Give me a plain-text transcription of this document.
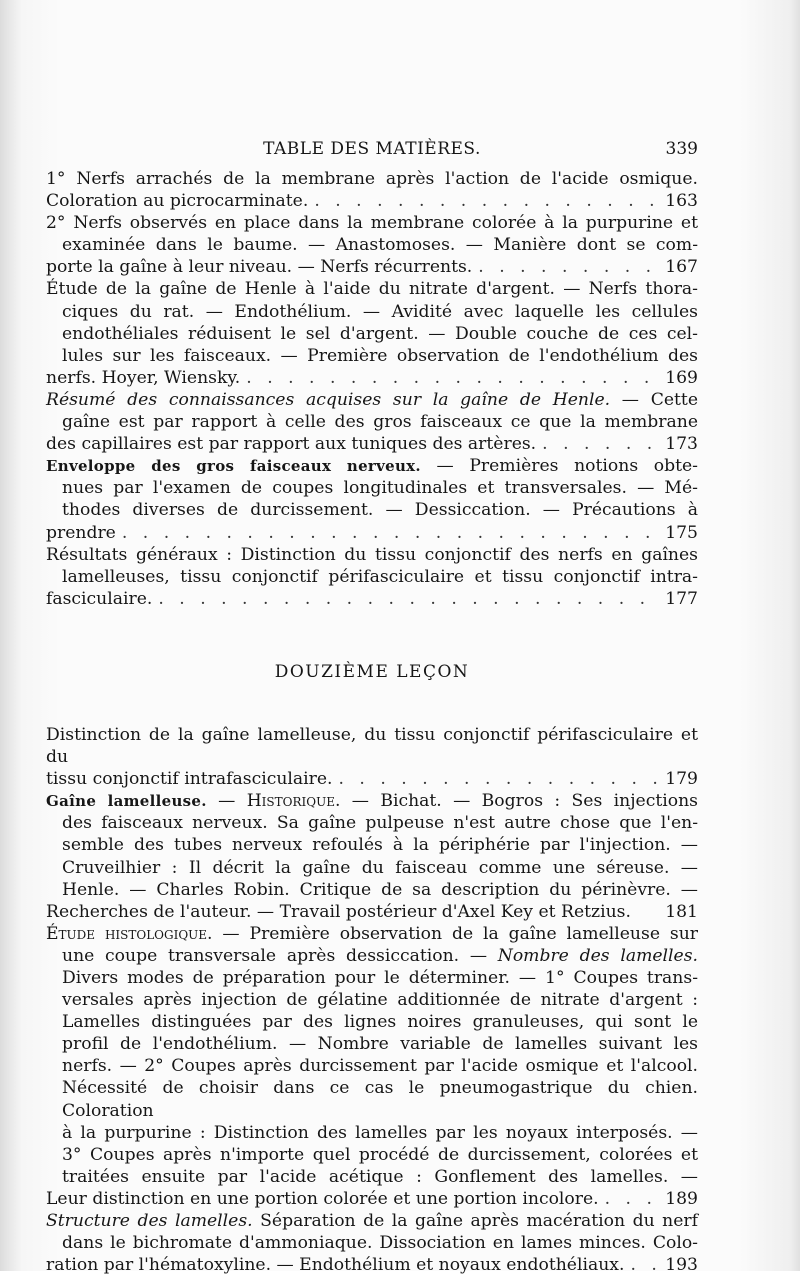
TABLE DES MATIÈRES.	339
1° Nerfs arrachés de la membrane après l'action de l'acide osmique.
Coloration au picrocarminate. . . .	163
2° Nerfs observés en place dans la membrane colorée à la purpurine et
examinée dans le baume. — Anastomoses. — Manière dont se com-
porte la gaîne à leur niveau. — Nerfs récurrents. . . .	167
Étude de la gaîne de Henle à l'aide du nitrate d'argent. — Nerfs thora-
ciques du rat. — Endothélium. — Avidité avec laquelle les cellules
endothéliales réduisent le sel d'argent. — Double couche de ces cel-
lules sur les faisceaux. — Première observation de l'endothélium des
nerfs. Hoyer, Wiensky. . . .	169
Résumé des connaissances acquises sur la gaîne de Henle. — Cette
gaîne est par rapport à celle des gros faisceaux ce que la membrane
des capillaires est par rapport aux tuniques des artères. . . .	173
Enveloppe des gros faisceaux nerveux. — Premières notions obte-
nues par l'examen de coupes longitudinales et transversales. — Mé-
thodes diverses de durcissement. — Dessiccation. — Précautions à
prendre . . .	175
Résultats généraux : Distinction du tissu conjonctif des nerfs en gaînes
lamelleuses, tissu conjonctif périfasciculaire et tissu conjonctif intra-
fasciculaire. . . .	177
DOUZIÈME LEÇON
Distinction de la gaîne lamelleuse, du tissu conjonctif périfasciculaire et du
tissu conjonctif intrafasciculaire. . . .	179
Gaîne lamelleuse. — Historique. — Bichat. — Bogros : Ses injections
des faisceaux nerveux. Sa gaîne pulpeuse n'est autre chose que l'en-
semble des tubes nerveux refoulés à la périphérie par l'injection. —
Cruveilhier : Il décrit la gaîne du faisceau comme une séreuse. —
Henle. — Charles Robin. Critique de sa description du périnèvre. —
Recherches de l'auteur. — Travail postérieur d'Axel Key et Retzius. 181
Étude histologique. — Première observation de la gaîne lamelleuse sur
une coupe transversale après dessiccation. — Nombre des lamelles.
Divers modes de préparation pour le déterminer. — 1° Coupes trans-
versales après injection de gélatine additionnée de nitrate d'argent :
Lamelles distinguées par des lignes noires granuleuses, qui sont le
profil de l'endothélium. — Nombre variable de lamelles suivant les
nerfs. — 2° Coupes après durcissement par l'acide osmique et l'alcool.
Nécessité de choisir dans ce cas le pneumogastrique du chien. Coloration
à la purpurine : Distinction des lamelles par les noyaux interposés. —
3° Coupes après n'importe quel procédé de durcissement, colorées et
traitées ensuite par l'acide acétique : Gonflement des lamelles. —
Leur distinction en une portion colorée et une portion incolore. . . .	189
Structure des lamelles. Séparation de la gaîne après macération du nerf
dans le bichromate d'ammoniaque. Dissociation en lames minces. Colo-
ration par l'hématoxyline. — Endothélium et noyaux endothéliaux. . . . 193
